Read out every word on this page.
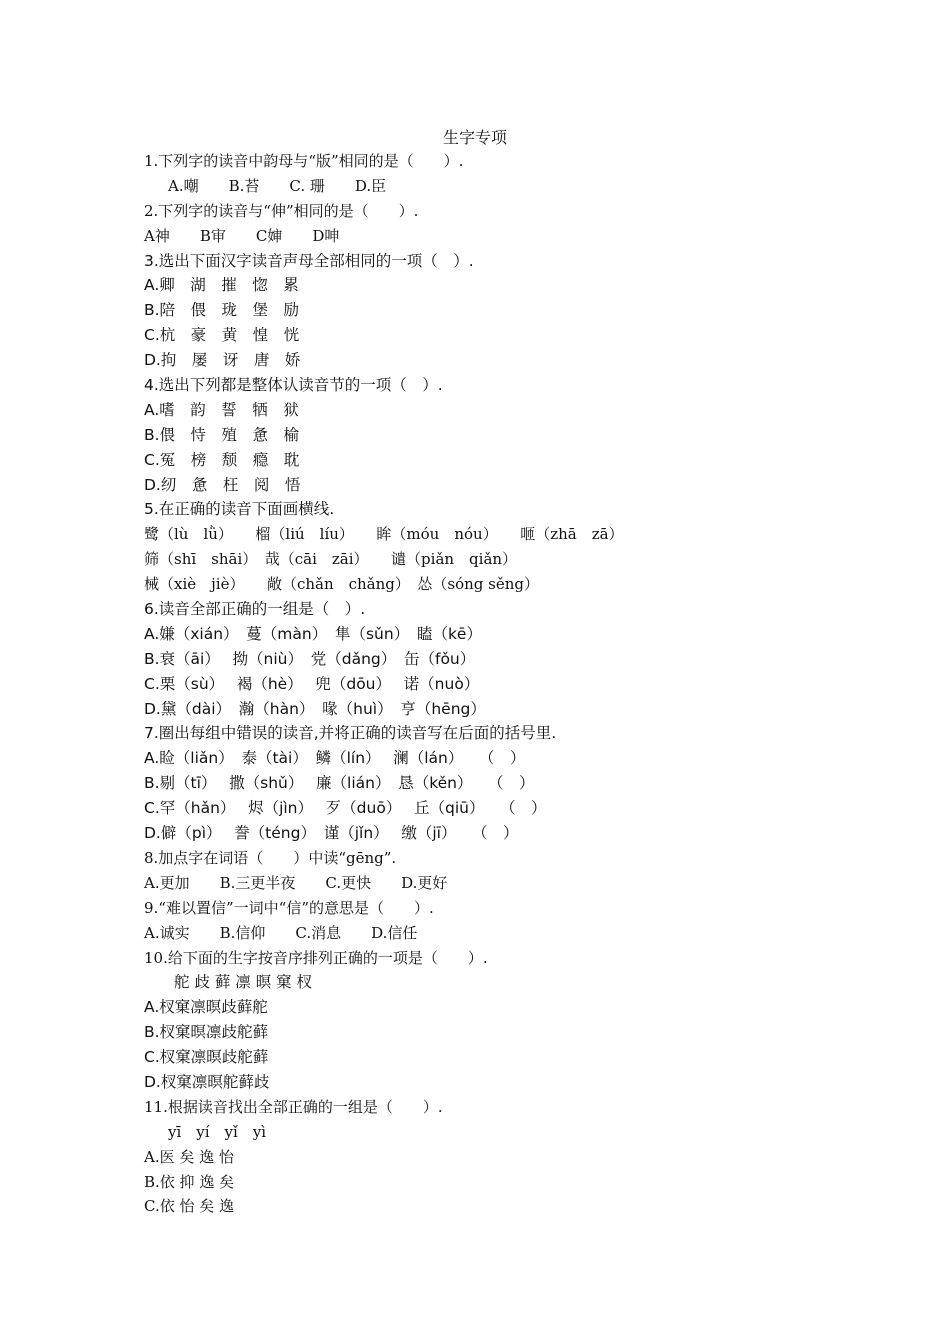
生字专项
1.下列字的读音中韵母与“版”相同的是（　　）.
A.嘲　　B.苔　　C. 珊　　D.臣
2.下列字的读音与“伸”相同的是（　　）.
A神　　B审　　C婶　　D呻
3.选出下面汉字读音声母全部相同的一项（　）.
A.卿　湖　摧　惚　累
B.陪　偎　珑　堡　励
C.杭　豪　黄　惶　恍
D.拘　屡　讶　唐　娇
4.选出下列都是整体认读音节的一项（　）.
A.嗜　韵　誓　牺　狱
B.偎　恃　殖　惫　榆
C.冤　榜　颓　瘾　耽
D.纫　惫　枉　阅　悟
5.在正确的读音下面画横线.
鹭（lù　lǜ）　　榴（liú　líu）　　眸（móu　nóu）　　咂（zhā　zā）
筛（shī　shāi）　哉（cāi　zāi）　　谴（piǎn　qiǎn）
械（xiè　jiè）　　敞（chǎn　chǎng）　怂（sóng sěng）
6.读音全部正确的一组是（　）.
A.嫌（xián）　蔓（màn）　隼（sǔn）　瞌（kē）
B.衰（āi）　 拗（niù）　党（dǎng）　缶（fǒu）
C.栗（sù）　 褐（hè）　 兜（dōu）　 诺（nuò）
D.黛（dài）　瀚（hàn）　喙（huì）　亨（hēng）
7.圈出每组中错误的读音,并将正确的读音写在后面的括号里.
A.睑（liǎn）　泰（tài）　鳞（lín）　 澜（lán）　　（　）
B.剔（tī）　 撒（shǔ）　 廉（lián）　恳（kěn）　　（　）
C.罕（hǎn）　 烬（jìn）　 歹（duō）　 丘（qiū）　　（　）
D.僻（pì）　 誊（téng）　谨（jǐn）　 缴（jī）　　（　）
8.加点字在词语（　　）中读“gēng”.
A.更加　　B.三更半夜　　C.更快　　D.更好
9.“难以置信”一词中“信”的意思是（　　）.
A.诚实　　B.信仰　　C.消息　　D.信任
10.给下面的生字按音序排列正确的一项是（　　）.
舵 歧 藓 凛 暝 窠 杈
A.杈窠凛暝歧藓舵
B.杈窠暝凛歧舵藓
C.杈窠凛暝歧舵藓
D.杈窠凛暝舵藓歧
11.根据读音找出全部正确的一组是（　　）.
yī　yí　yǐ　yì
A.医 矣 逸 怡
B.依 抑 逸 矣
C.依 怡 矣 逸
